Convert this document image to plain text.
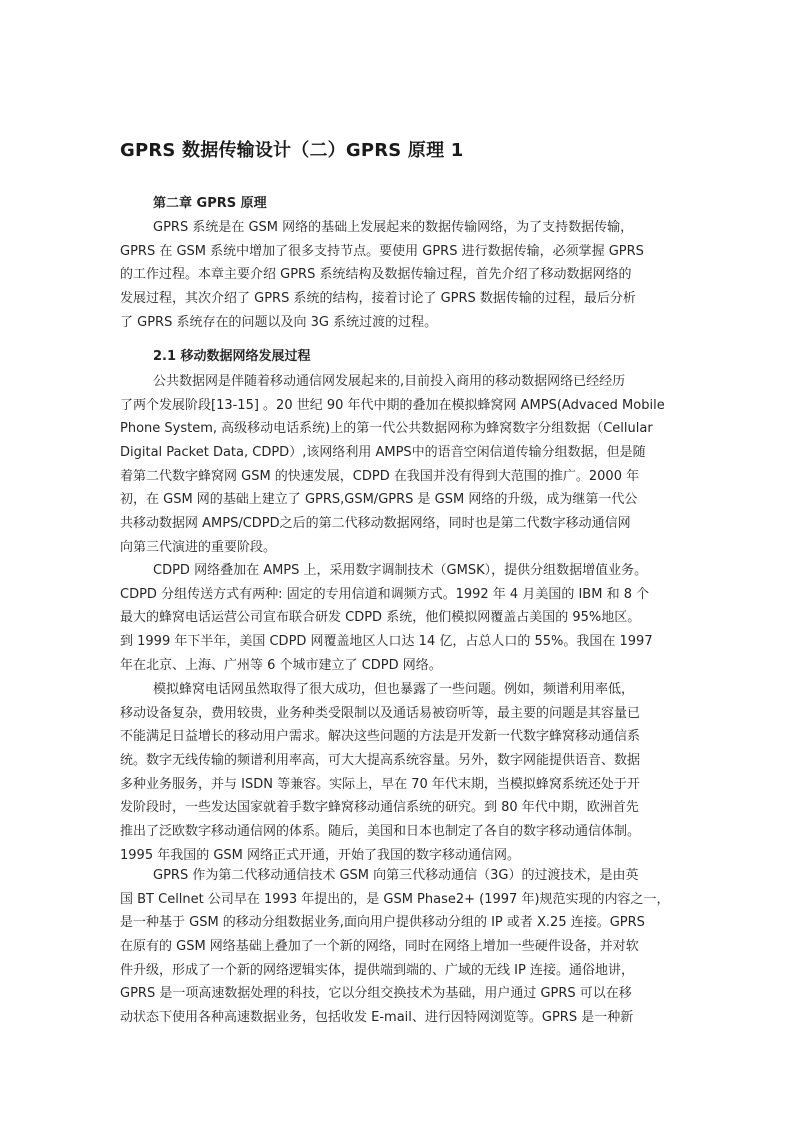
GPRS 数据传输设计（二）GPRS 原理 1
第二章 GPRS 原理
GPRS 系统是在 GSM 网络的基础上发展起来的数据传输网络，为了支持数据传输，
GPRS 在 GSM 系统中增加了很多支持节点。要使用 GPRS 进行数据传输，必须掌握 GPRS
的工作过程。本章主要介绍 GPRS 系统结构及数据传输过程，首先介绍了移动数据网络的
发展过程，其次介绍了 GPRS 系统的结构，接着讨论了 GPRS 数据传输的过程，最后分析
了 GPRS 系统存在的问题以及向 3G 系统过渡的过程。
2.1 移动数据网络发展过程
公共数据网是伴随着移动通信网发展起来的,目前投入商用的移动数据网络已经经历
了两个发展阶段[13-15] 。20 世纪 90 年代中期的叠加在模拟蜂窝网 AMPS(Advaced Mobile
Phone System, 高级移动电话系统)上的第一代公共数据网称为蜂窝数字分组数据（Cellular
Digital Packet Data, CDPD）,该网络利用 AMPS中的语音空闲信道传输分组数据，但是随
着第二代数字蜂窝网 GSM 的快速发展，CDPD 在我国并没有得到大范围的推广。2000 年
初，在 GSM 网的基础上建立了 GPRS,GSM/GPRS 是 GSM 网络的升级，成为继第一代公
共移动数据网 AMPS/CDPD之后的第二代移动数据网络，同时也是第二代数字移动通信网
向第三代演进的重要阶段。
CDPD 网络叠加在 AMPS 上，采用数字调制技术（GMSK），提供分组数据增值业务。
CDPD 分组传送方式有两种: 固定的专用信道和调频方式。1992 年 4 月美国的 IBM 和 8 个
最大的蜂窝电话运营公司宣布联合研发 CDPD 系统，他们模拟网覆盖占美国的 95%地区。
到 1999 年下半年，美国 CDPD 网覆盖地区人口达 14 亿，占总人口的 55%。我国在 1997
年在北京、上海、广州等 6 个城市建立了 CDPD 网络。
模拟蜂窝电话网虽然取得了很大成功，但也暴露了一些问题。例如，频谱利用率低，
移动设备复杂，费用较贵，业务种类受限制以及通话易被窃听等，最主要的问题是其容量已
不能满足日益增长的移动用户需求。解决这些问题的方法是开发新一代数字蜂窝移动通信系
统。数字无线传输的频谱利用率高，可大大提高系统容量。另外，数字网能提供语音、数据
多种业务服务，并与 ISDN 等兼容。实际上，早在 70 年代末期，当模拟蜂窝系统还处于开
发阶段时，一些发达国家就着手数字蜂窝移动通信系统的研究。到 80 年代中期，欧洲首先
推出了泛欧数字移动通信网的体系。随后，美国和日本也制定了各自的数字移动通信体制。
1995 年我国的 GSM 网络正式开通，开始了我国的数字移动通信网。
GPRS 作为第二代移动通信技术 GSM 向第三代移动通信（3G）的过渡技术，是由英
国 BT Cellnet 公司早在 1993 年提出的，是 GSM Phase2+ (1997 年)规范实现的内容之一，
是一种基于 GSM 的移动分组数据业务,面向用户提供移动分组的 IP 或者 X.25 连接。GPRS
在原有的 GSM 网络基础上叠加了一个新的网络，同时在网络上增加一些硬件设备，并对软
件升级，形成了一个新的网络逻辑实体，提供端到端的、广域的无线 IP 连接。通俗地讲，
GPRS 是一项高速数据处理的科技，它以分组交换技术为基础，用户通过 GPRS 可以在移
动状态下使用各种高速数据业务，包括收发 E-mail、进行因特网浏览等。GPRS 是一种新
